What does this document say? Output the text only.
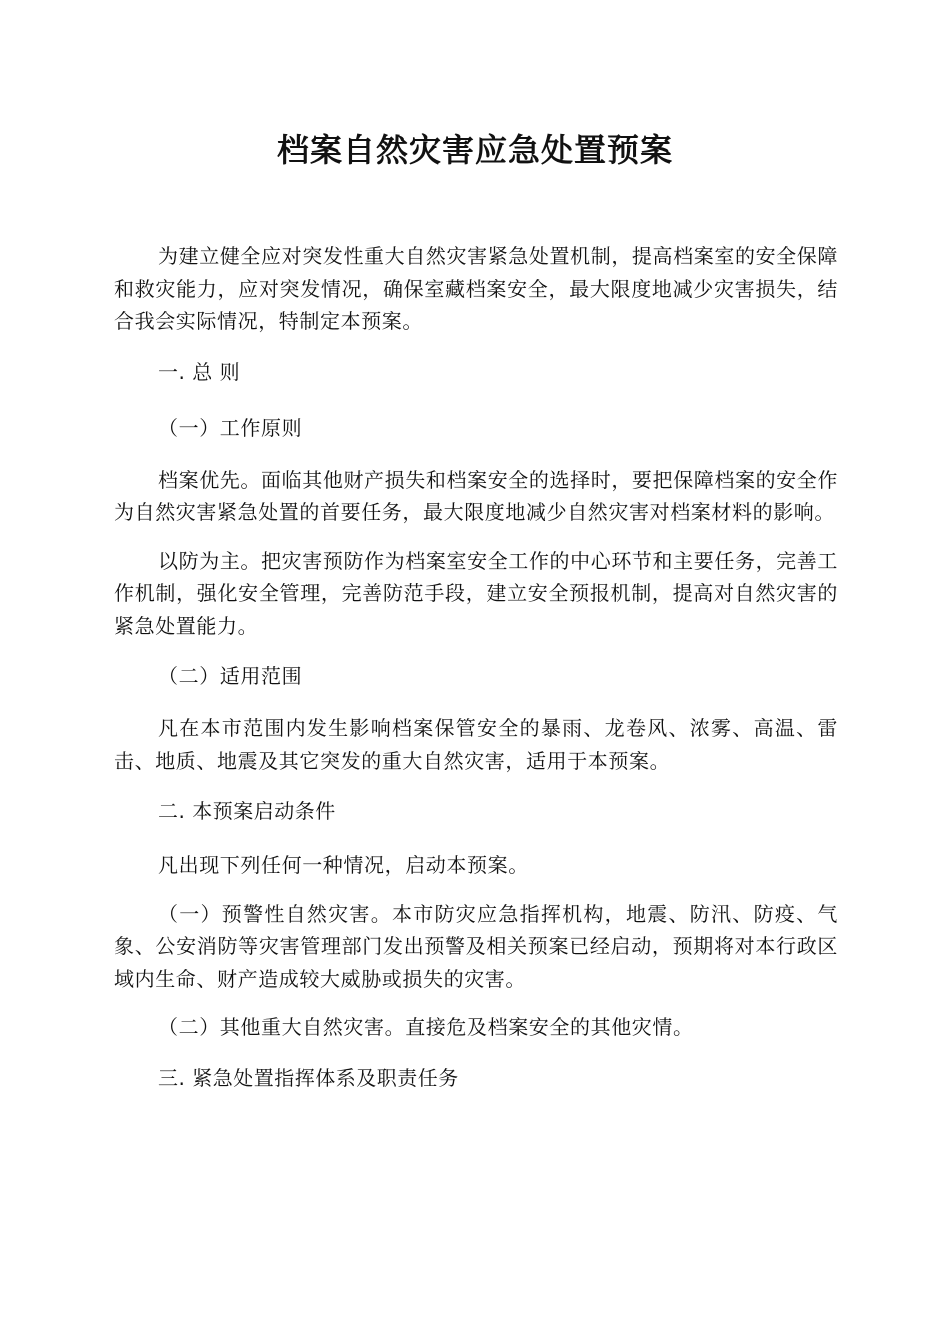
档案自然灾害应急处置预案

为建立健全应对突发性重大自然灾害紧急处置机制，提高档案室的安全保障和救灾能力，应对突发情况，确保室藏档案安全，最大限度地减少灾害损失，结合我会实际情况，特制定本预案。

一. 总 则
（一）工作原则

档案优先。面临其他财产损失和档案安全的选择时，要把保障档案的安全作为自然灾害紧急处置的首要任务，最大限度地减少自然灾害对档案材料的影响。

以防为主。把灾害预防作为档案室安全工作的中心环节和主要任务，完善工作机制，强化安全管理，完善防范手段，建立安全预报机制，提高对自然灾害的紧急处置能力。

（二）适用范围

凡在本市范围内发生影响档案保管安全的暴雨、龙卷风、浓雾、高温、雷击、地质、地震及其它突发的重大自然灾害，适用于本预案。

二. 本预案启动条件

凡出现下列任何一种情况，启动本预案。

（一）预警性自然灾害。本市防灾应急指挥机构，地震、防汛、防疫、气象、公安消防等灾害管理部门发出预警及相关预案已经启动，预期将对本行政区域内生命、财产造成较大威胁或损失的灾害。

（二）其他重大自然灾害。直接危及档案安全的其他灾情。

三. 紧急处置指挥体系及职责任务
